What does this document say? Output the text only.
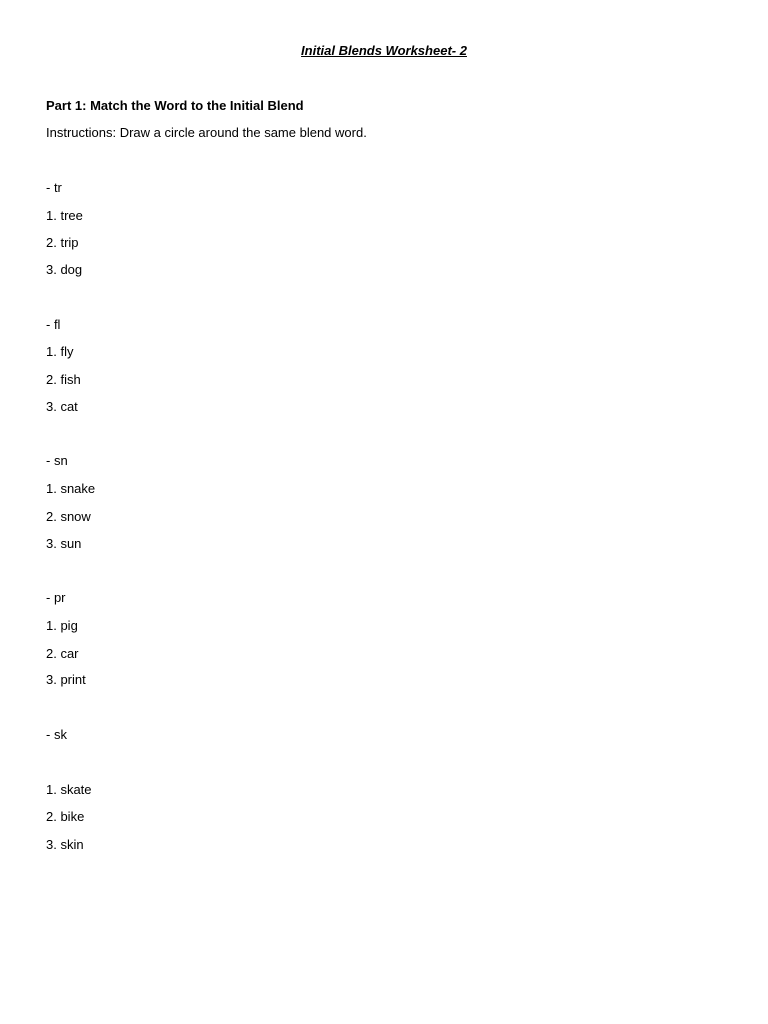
Initial Blends Worksheet- 2
Part 1: Match the Word to the Initial Blend
Instructions: Draw a circle around the same blend word.
- tr
1. tree
2. trip
3. dog
- fl
1. fly
2. fish
3. cat
- sn
1. snake
2. snow
3. sun
- pr
1. pig
2. car
3. print
- sk
1. skate
2. bike
3. skin
